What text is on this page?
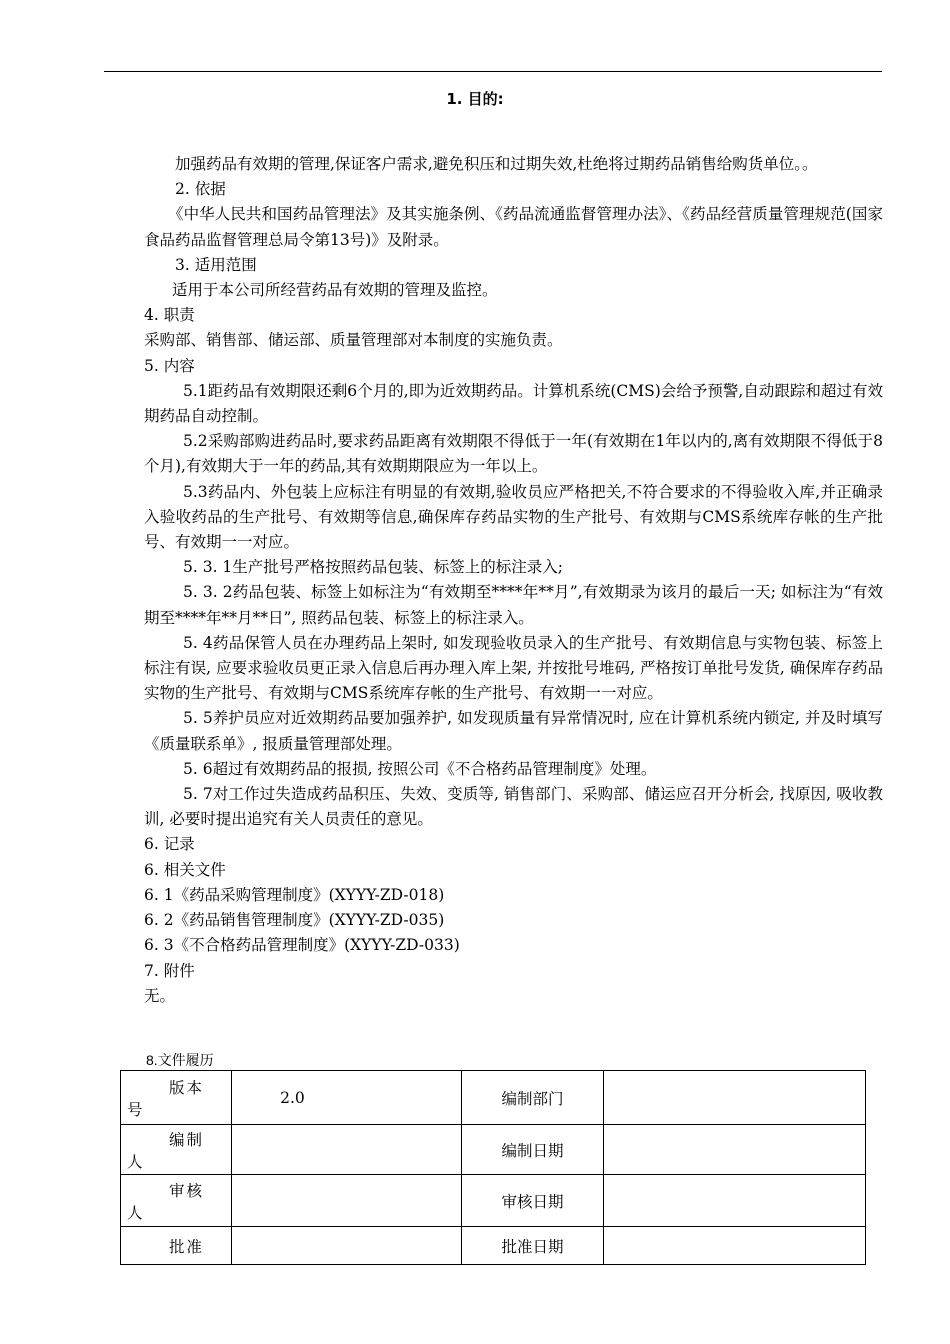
1. 目的:

加强药品有效期的管理,保证客户需求,避免积压和过期失效,杜绝将过期药品销售给购货单位。。

2. 依据

《中华人民共和国药品管理法》及其实施条例、《药品流通监督管理办法》、《药品经营质量管理规范(国家食品药品监督管理总局令第13号)》及附录。

3. 适用范围

适用于本公司所经营药品有效期的管理及监控。

4. 职责

采购部、销售部、储运部、质量管理部对本制度的实施负责。

5. 内容

5.1距药品有效期限还剩6个月的,即为近效期药品。计算机系统(CMS)会给予预警,自动跟踪和超过有效期药品自动控制。

5.2采购部购进药品时,要求药品距离有效期限不得低于一年(有效期在1年以内的,离有效期限不得低于8个月),有效期大于一年的药品,其有效期期限应为一年以上。

5.3药品内、外包装上应标注有明显的有效期,验收员应严格把关,不符合要求的不得验收入库,并正确录入验收药品的生产批号、有效期等信息,确保库存药品实物的生产批号、有效期与CMS系统库存帐的生产批号、有效期一一对应。

5. 3. 1生产批号严格按照药品包装、标签上的标注录入;

5. 3. 2药品包装、标签上如标注为“有效期至****年**月”,有效期录为该月的最后一天; 如标注为“有效期至****年**月**日”, 照药品包装、标签上的标注录入。

5. 4药品保管人员在办理药品上架时, 如发现验收员录入的生产批号、有效期信息与实物包装、标签上标注有误, 应要求验收员更正录入信息后再办理入库上架, 并按批号堆码, 严格按订单批号发货, 确保库存药品实物的生产批号、有效期与CMS系统库存帐的生产批号、有效期一一对应。

5. 5养护员应对近效期药品要加强养护, 如发现质量有异常情况时, 应在计算机系统内锁定, 并及时填写《质量联系单》, 报质量管理部处理。

5. 6超过有效期药品的报损, 按照公司《不合格药品管理制度》处理。

5. 7对工作过失造成药品积压、失效、变质等, 销售部门、采购部、储运应召开分析会, 找原因, 吸收教训, 必要时提出追究有关人员责任的意见。

6. 记录

6. 相关文件

6. 1《药品采购管理制度》(XYYY-ZD-018)

6. 2《药品销售管理制度》(XYYY-ZD-035)

6. 3《不合格药品管理制度》(XYYY-ZD-033)

7. 附件

无。

8.文件履历
版本
号	2.0	编制部门	

编制
人		编制日期	

审核
人		审核日期	

批准		批准日期	
